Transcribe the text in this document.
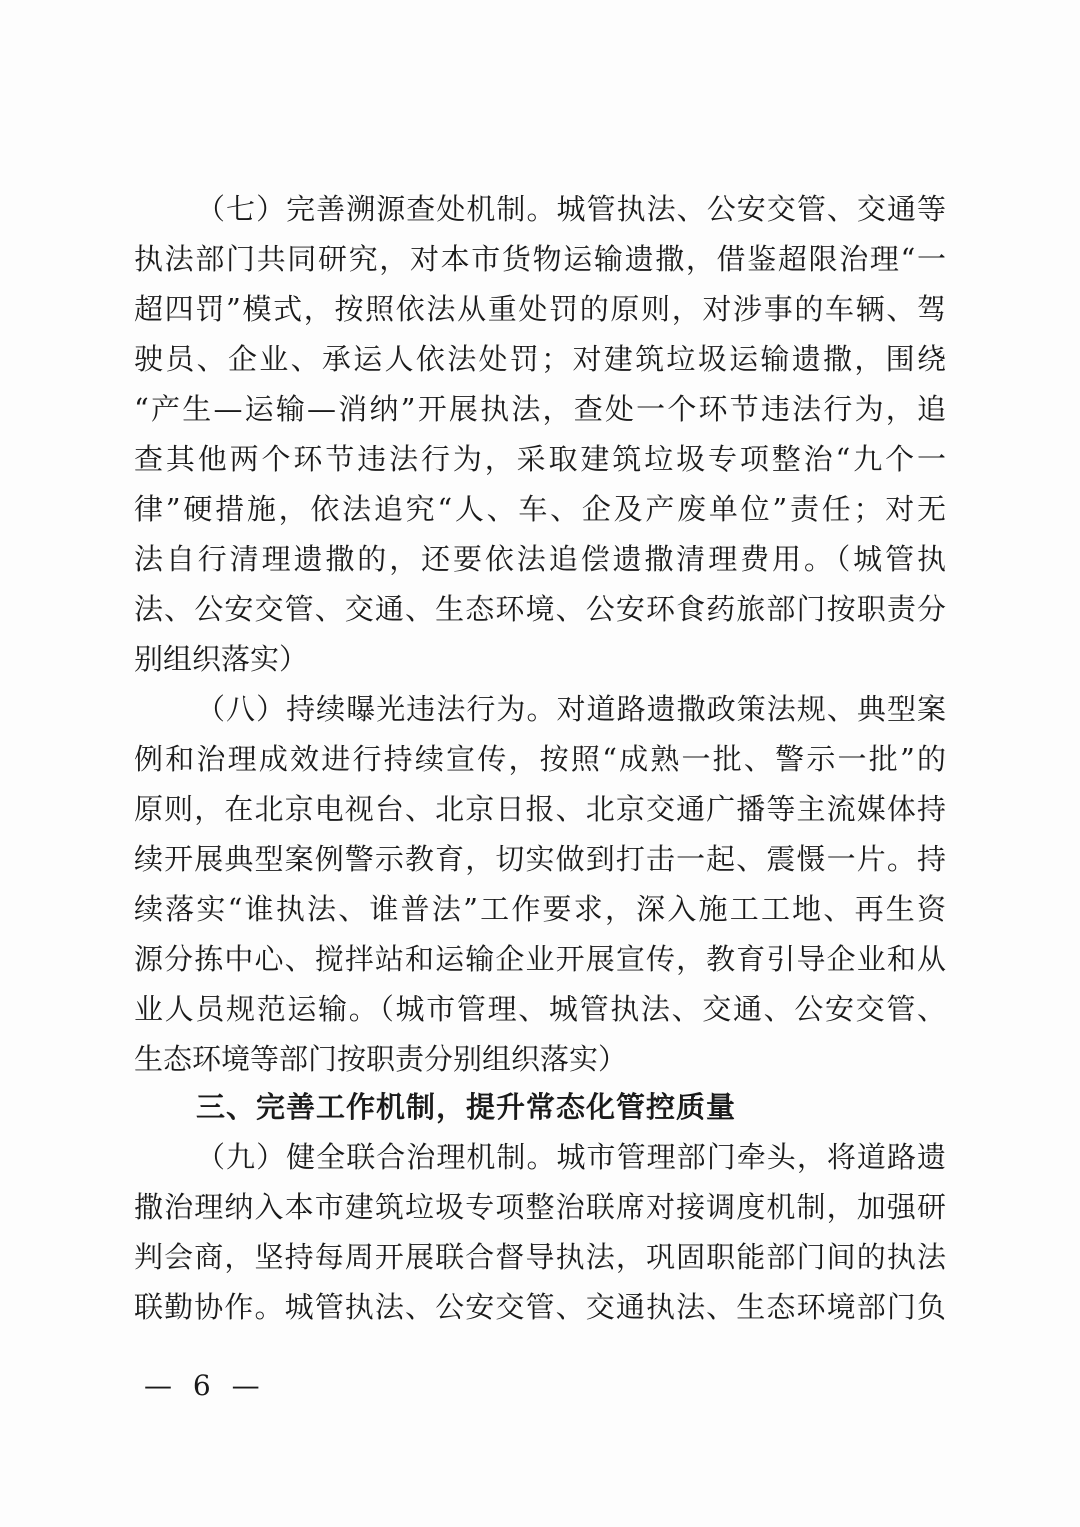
（七）完善溯源查处机制。城管执法、公安交管、交通等
执法部门共同研究，对本市货物运输遗撒，借鉴超限治理“一
超四罚”模式，按照依法从重处罚的原则，对涉事的车辆、驾
驶员、企业、承运人依法处罚；对建筑垃圾运输遗撒，围绕
“产生—运输—消纳”开展执法，查处一个环节违法行为，追
查其他两个环节违法行为，采取建筑垃圾专项整治“九个一
律”硬措施，依法追究“人、车、企及产废单位”责任；对无
法自行清理遗撒的，还要依法追偿遗撒清理费用。（城管执
法、公安交管、交通、生态环境、公安环食药旅部门按职责分
别组织落实）
（八）持续曝光违法行为。对道路遗撒政策法规、典型案
例和治理成效进行持续宣传，按照“成熟一批、警示一批”的
原则，在北京电视台、北京日报、北京交通广播等主流媒体持
续开展典型案例警示教育，切实做到打击一起、震慑一片。持
续落实“谁执法、谁普法”工作要求，深入施工工地、再生资
源分拣中心、搅拌站和运输企业开展宣传，教育引导企业和从
业人员规范运输。（城市管理、城管执法、交通、公安交管、
生态环境等部门按职责分别组织落实）
三、完善工作机制，提升常态化管控质量
（九）健全联合治理机制。城市管理部门牵头，将道路遗
撒治理纳入本市建筑垃圾专项整治联席对接调度机制，加强研
判会商，坚持每周开展联合督导执法，巩固职能部门间的执法
联勤协作。城管执法、公安交管、交通执法、生态环境部门负
— 6 —
